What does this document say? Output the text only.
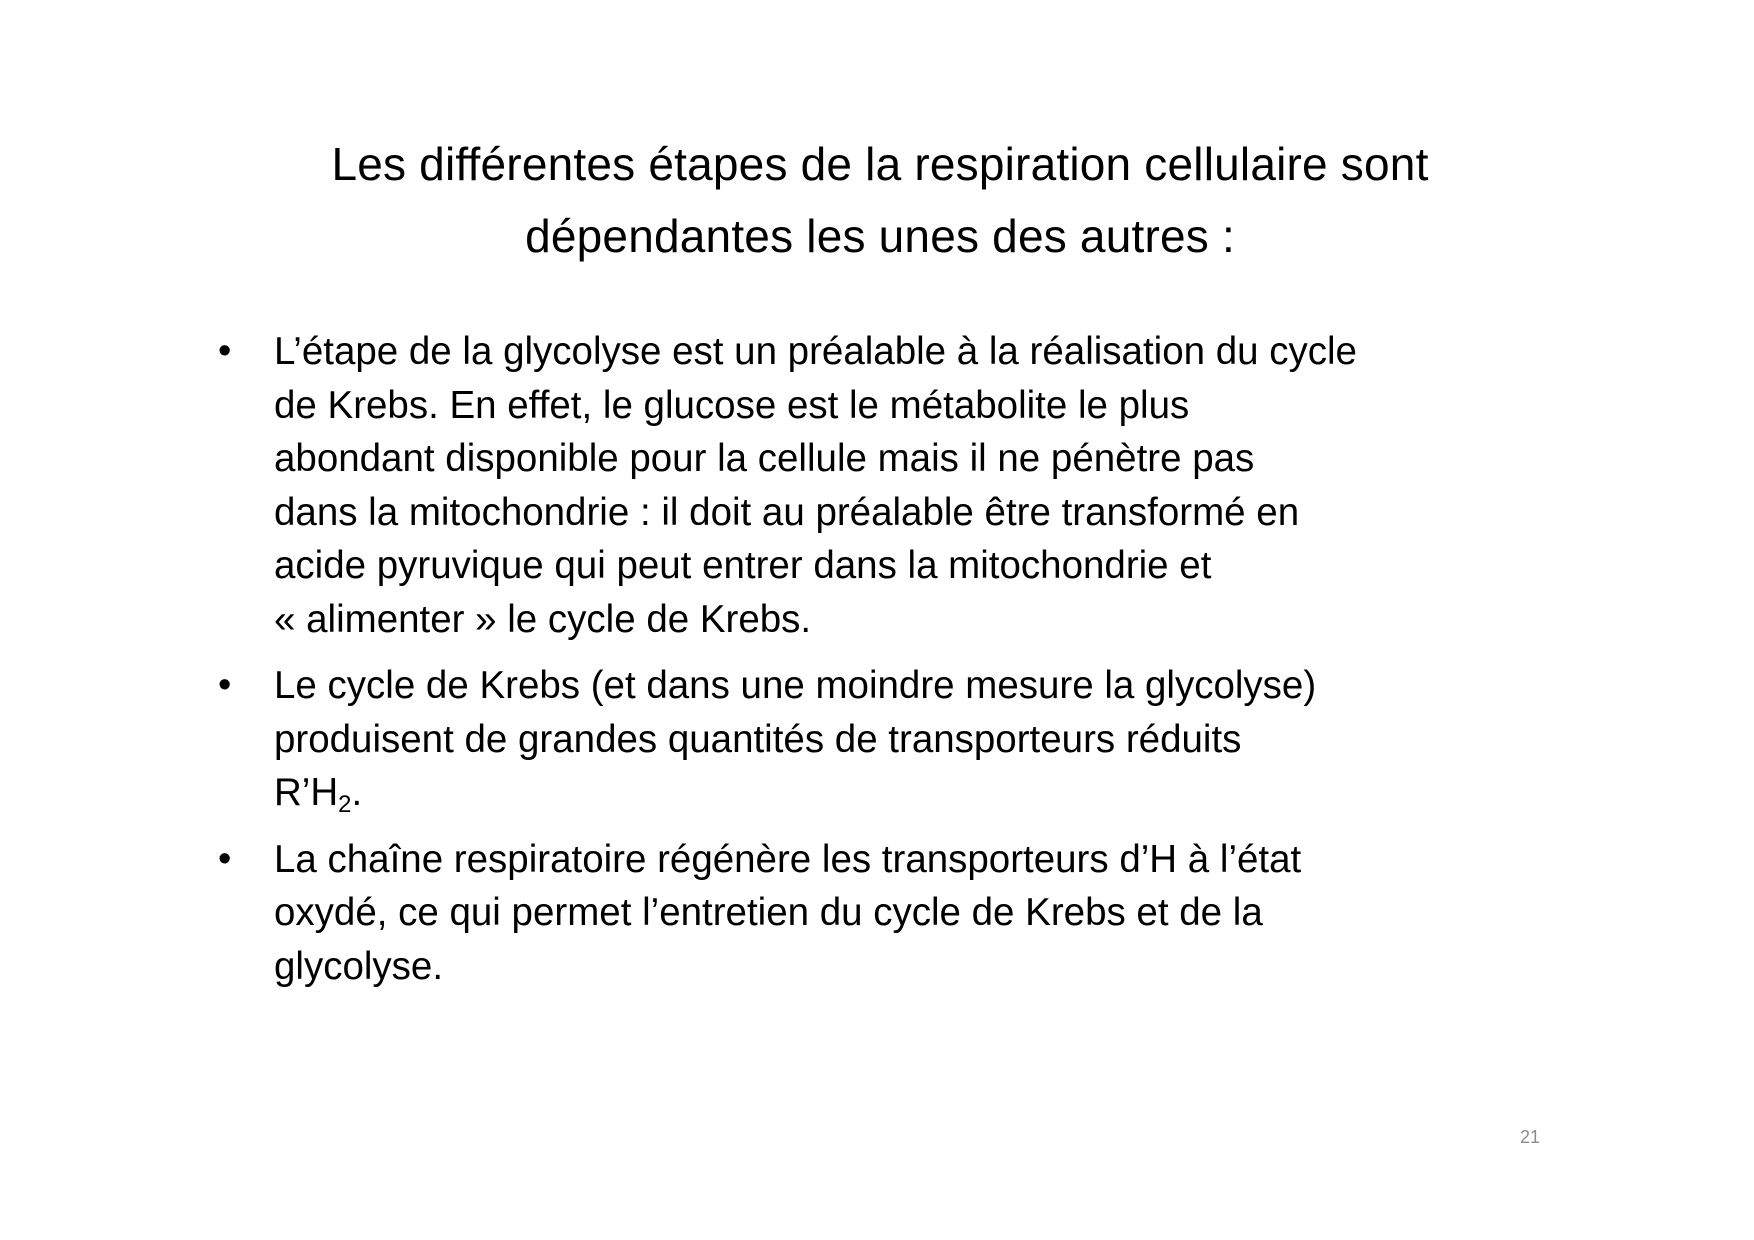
Les différentes étapes de la respiration cellulaire sont
dépendantes les unes des autres :
•	L’étape de la glycolyse est un préalable à la réalisation du cycle
de Krebs. En effet, le glucose est le métabolite le plus
abondant disponible pour la cellule mais il ne pénètre pas
dans la mitochondrie : il doit au préalable être transformé en
acide pyruvique qui peut entrer dans la mitochondrie et
« alimenter » le cycle de Krebs.
•	Le cycle de Krebs (et dans une moindre mesure la glycolyse)
produisent de grandes quantités de transporteurs réduits
$R’H_2$.
•	La chaîne respiratoire régénère les transporteurs d’H à l’état
oxydé, ce qui permet l’entretien du cycle de Krebs et de la
glycolyse.
21
